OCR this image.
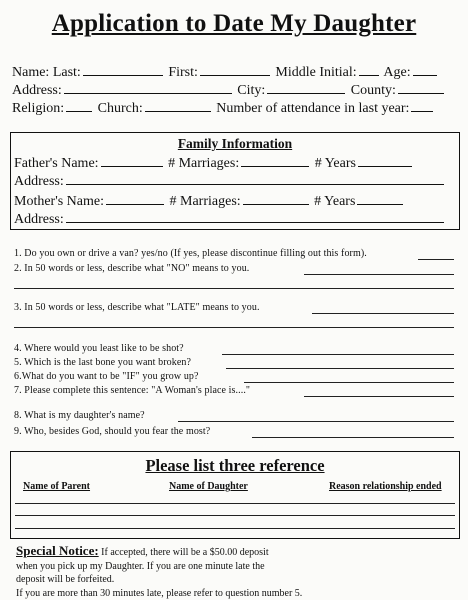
Application to Date My Daughter
Name: Last:	First:	Middle Initial: Age:
Address:	City:	County:
Religion: Church:	Number of attendance in last year:
Family Information
Father's Name:	# Marriages:	# Years
Address:
Mother's Name:	# Marriages:	# Years
Address:
1. Do you own or drive a van? yes/no (If yes, please discontinue filling out this form).
2. In 50 words or less, describe what "NO" means to you.
3. In 50 words or less, describe what "LATE" means to you.
4. Where would you least like to be shot?
5. Which is the last bone you want broken?
6.What do you want to be "IF" you grow up?
7. Please complete this sentence: "A Woman's place is...."
8. What is my daughter's name?
9. Who, besides God, should you fear the most?
Please list three reference
Name of Parent	Name of Daughter	Reason relationship ended
Special Notice: If accepted, there will be a $50.00 deposit
when you pick up my Daughter. If you are one minute late the
deposit will be forfeited.
If you are more than 30 minutes late, please refer to question number 5.
